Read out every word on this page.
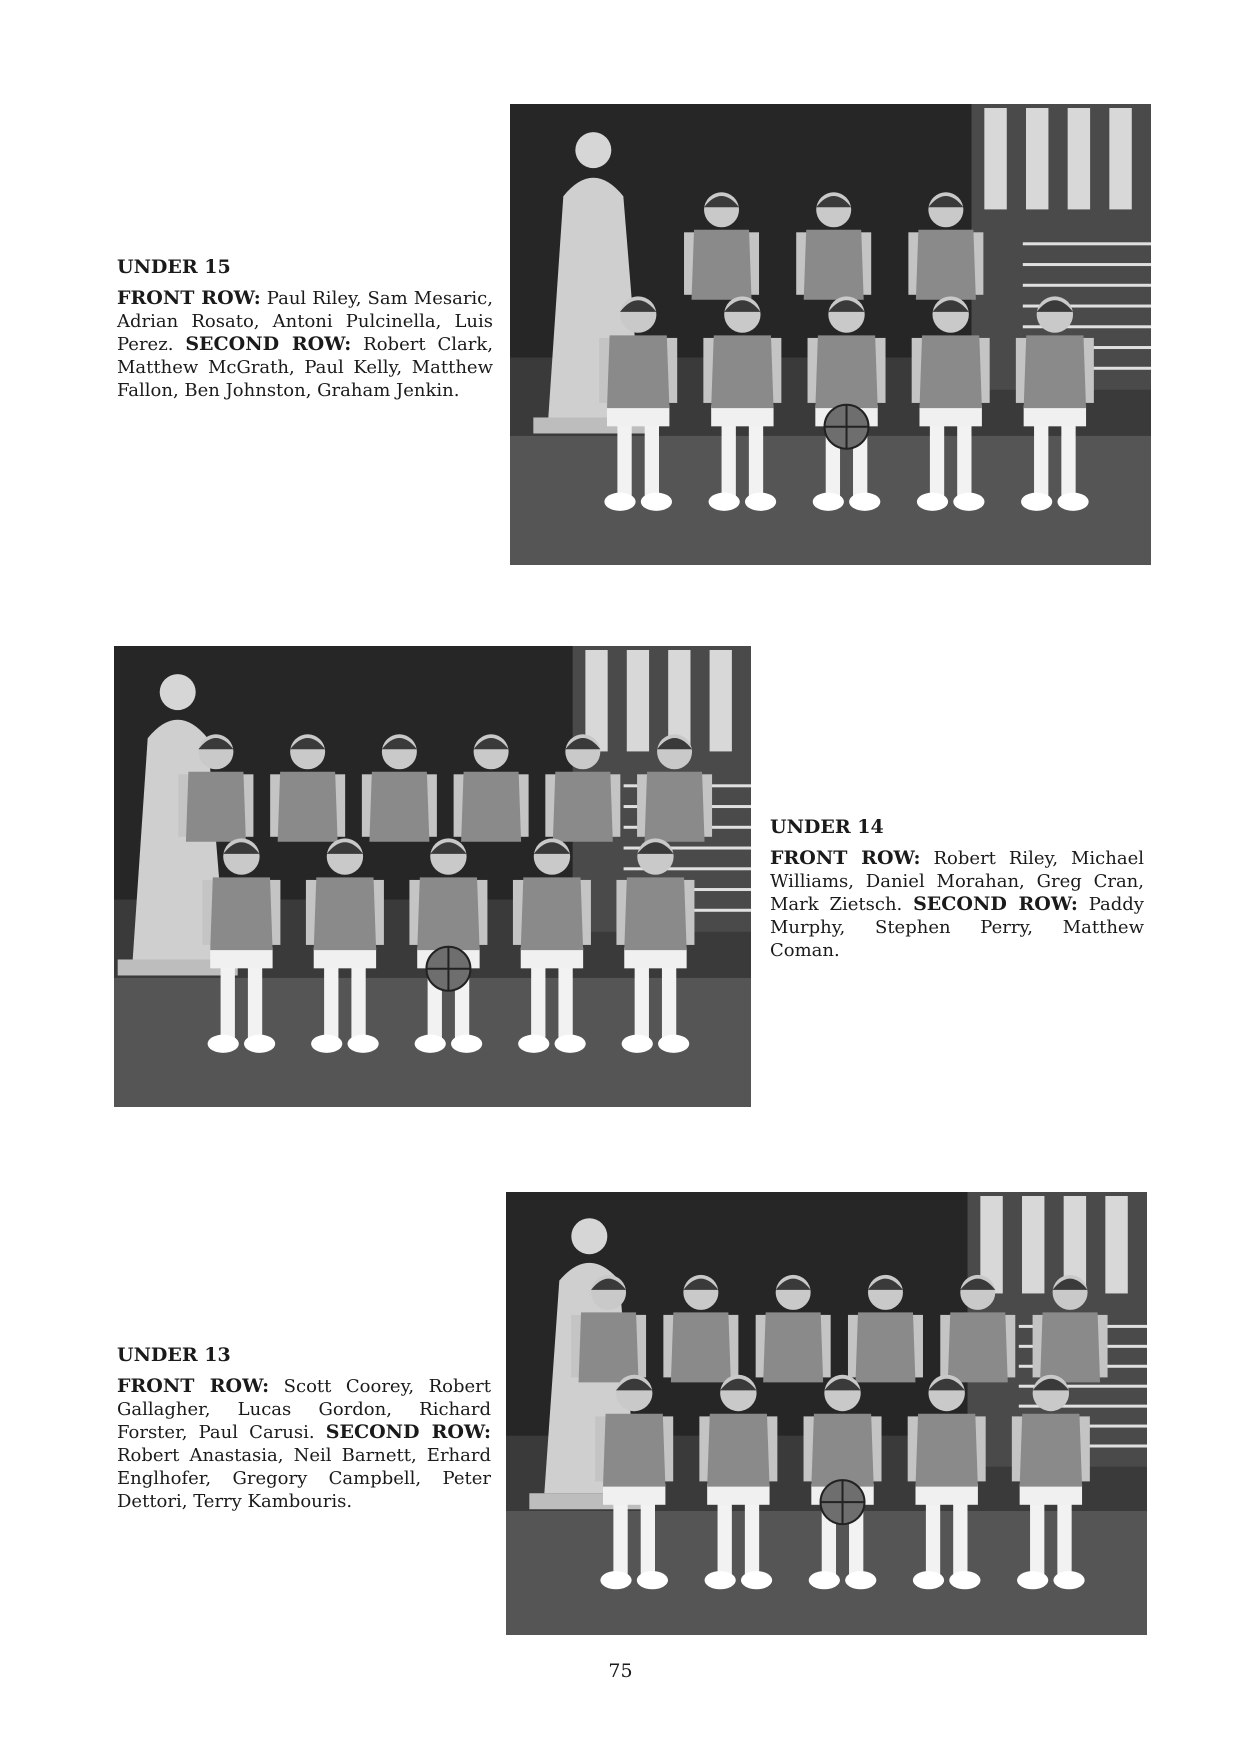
UNDER 15
FRONT ROW: Paul Riley, Sam Mesaric, Adrian Rosato, Antoni Pulcinella, Luis Perez. SECOND ROW: Robert Clark, Matthew McGrath, Paul Kelly, Matthew Fallon, Ben Johnston, Graham Jenkin.
UNDER 14
FRONT ROW: Robert Riley, Michael Williams, Daniel Morahan, Greg Cran, Mark Zietsch. SECOND ROW: Paddy Murphy, Stephen Perry, Matthew Coman.
UNDER 13
FRONT ROW: Scott Coorey, Robert Gallagher, Lucas Gordon, Richard Forster, Paul Carusi. SECOND ROW: Robert Anastasia, Neil Barnett, Erhard Englhofer, Gregory Campbell, Peter Dettori, Terry Kambouris.
75
